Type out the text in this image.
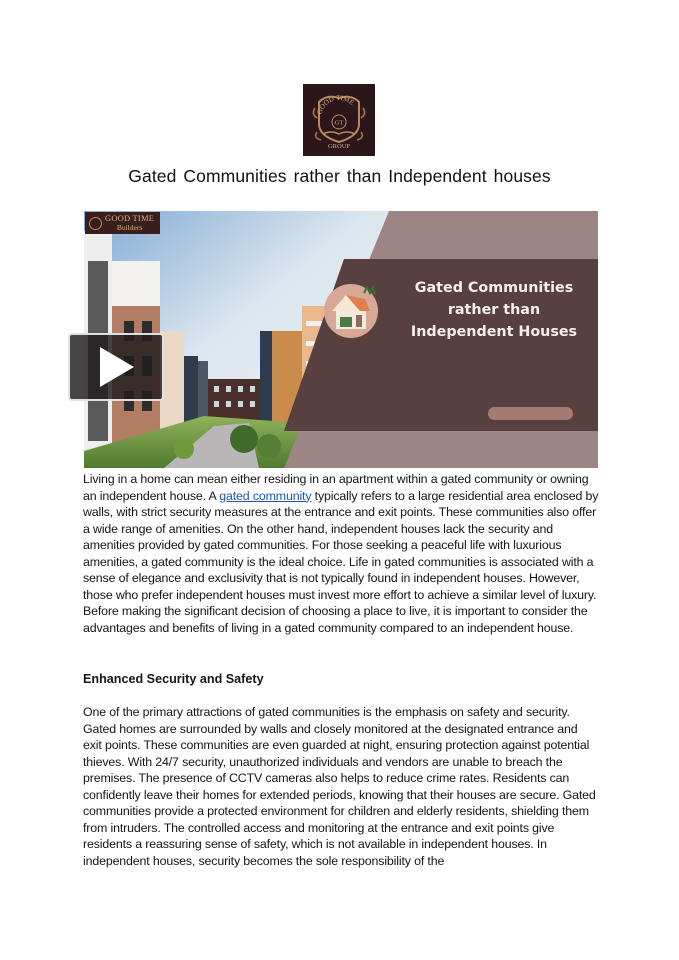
GOOD TIME
GT
GROUP
Gated Communities rather than Independent houses
GOOD TIME
Builders
Gated Communities
rather than
Independent Houses
Living in a home can mean either residing in an apartment within a gated community or owning an independent house. A gated community typically refers to a large residential area enclosed by walls, with strict security measures at the entrance and exit points. These communities also offer a wide range of amenities. On the other hand, independent houses lack the security and amenities provided by gated communities. For those seeking a peaceful life with luxurious amenities, a gated community is the ideal choice. Life in gated communities is associated with a sense of elegance and exclusivity that is not typically found in independent houses. However, those who prefer independent houses must invest more effort to achieve a similar level of luxury. Before making the significant decision of choosing a place to live, it is important to consider the advantages and benefits of living in a gated community compared to an independent house.
Enhanced Security and Safety
One of the primary attractions of gated communities is the emphasis on safety and security. Gated homes are surrounded by walls and closely monitored at the designated entrance and exit points. These communities are even guarded at night, ensuring protection against potential thieves. With 24/7 security, unauthorized individuals and vendors are unable to breach the premises. The presence of CCTV cameras also helps to reduce crime rates. Residents can confidently leave their homes for extended periods, knowing that their houses are secure. Gated communities provide a protected environment for children and elderly residents, shielding them from intruders. The controlled access and monitoring at the entrance and exit points give residents a reassuring sense of safety, which is not available in independent houses. In independent houses, security becomes the sole responsibility of the
